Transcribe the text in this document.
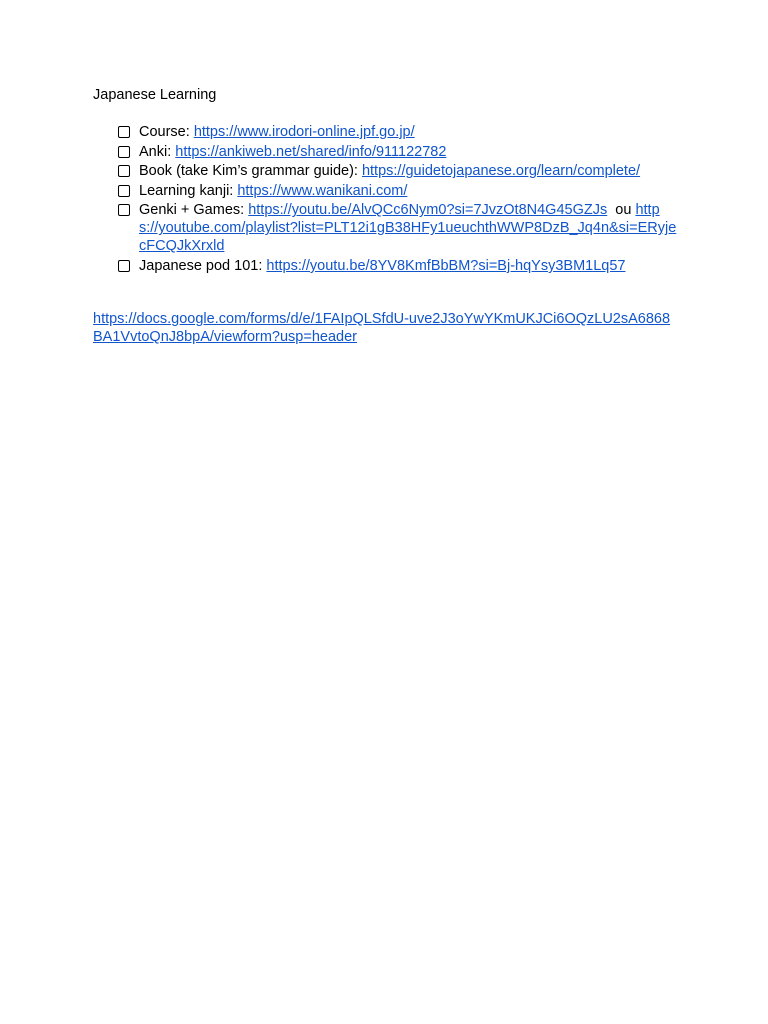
Japanese Learning
Course: https://www.irodori-online.jpf.go.jp/
Anki: https://ankiweb.net/shared/info/911122782
Book (take Kim’s grammar guide): https://guidetojapanese.org/learn/complete/
Learning kanji: https://www.wanikani.com/
Genki + Games: https://youtu.be/AlvQCc6Nym0?si=7JvzOt8N4G45GZJs ou https://youtube.com/playlist?list=PLT12i1gB38HFy1ueuchthWWP8DzB_Jq4n&si=ERyjecFCQJkXrxld
Japanese pod 101: https://youtu.be/8YV8KmfBbBM?si=Bj-hqYsy3BM1Lq57
https://docs.google.com/forms/d/e/1FAIpQLSfdU-uve2J3oYwYKmUKJCi6OQzLU2sA6868BA1VvtoQnJ8bpA/viewform?usp=header
